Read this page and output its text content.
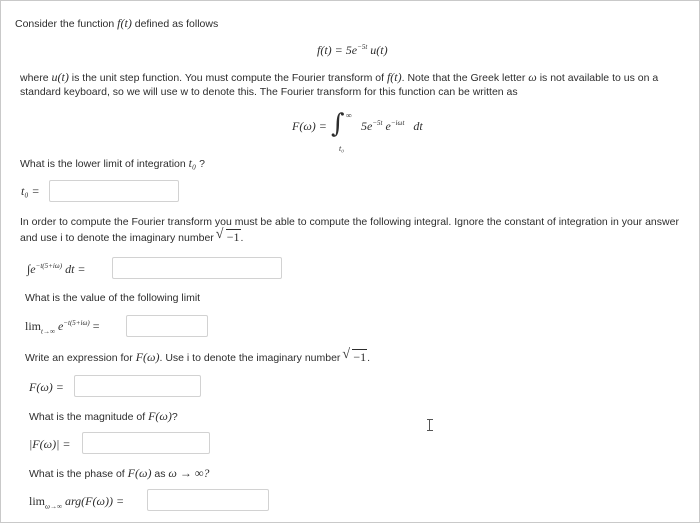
Consider the function f(t) defined as follows
$f(t) = 5e^{-5t}$ u(t)
where u(t) is the unit step function. You must compute the Fourier transform of f(t). Note that the Greek letter ω is not available to us on a
standard keyboard, so we will use w to denote this. The Fourier transform for this function can be written as
F(ω) =
∞
∫
t₀
$5e^{-5t}$ $e^{-i\omega t}$ dt
What is the lower limit of integration t₀ ?
t₀ =
In order to compute the Fourier transform you must be able to compute the following integral. Ignore the constant of integration in your answer
and use i to denote the imaginary number √ −1.
$\int e^{-t(5+i\omega)}$ dt =
What is the value of the following limit
$\lim_{t\to\infty} e^{-t(5+i\omega)}$ =
Write an expression for F(ω). Use i to denote the imaginary number √ −1.
F(ω) =
What is the magnitude of F(ω)?
|F(ω)| =
What is the phase of F(ω) as ω → ∞?
$\lim_{\omega\to\infty} arg(F(\omega))$ =
